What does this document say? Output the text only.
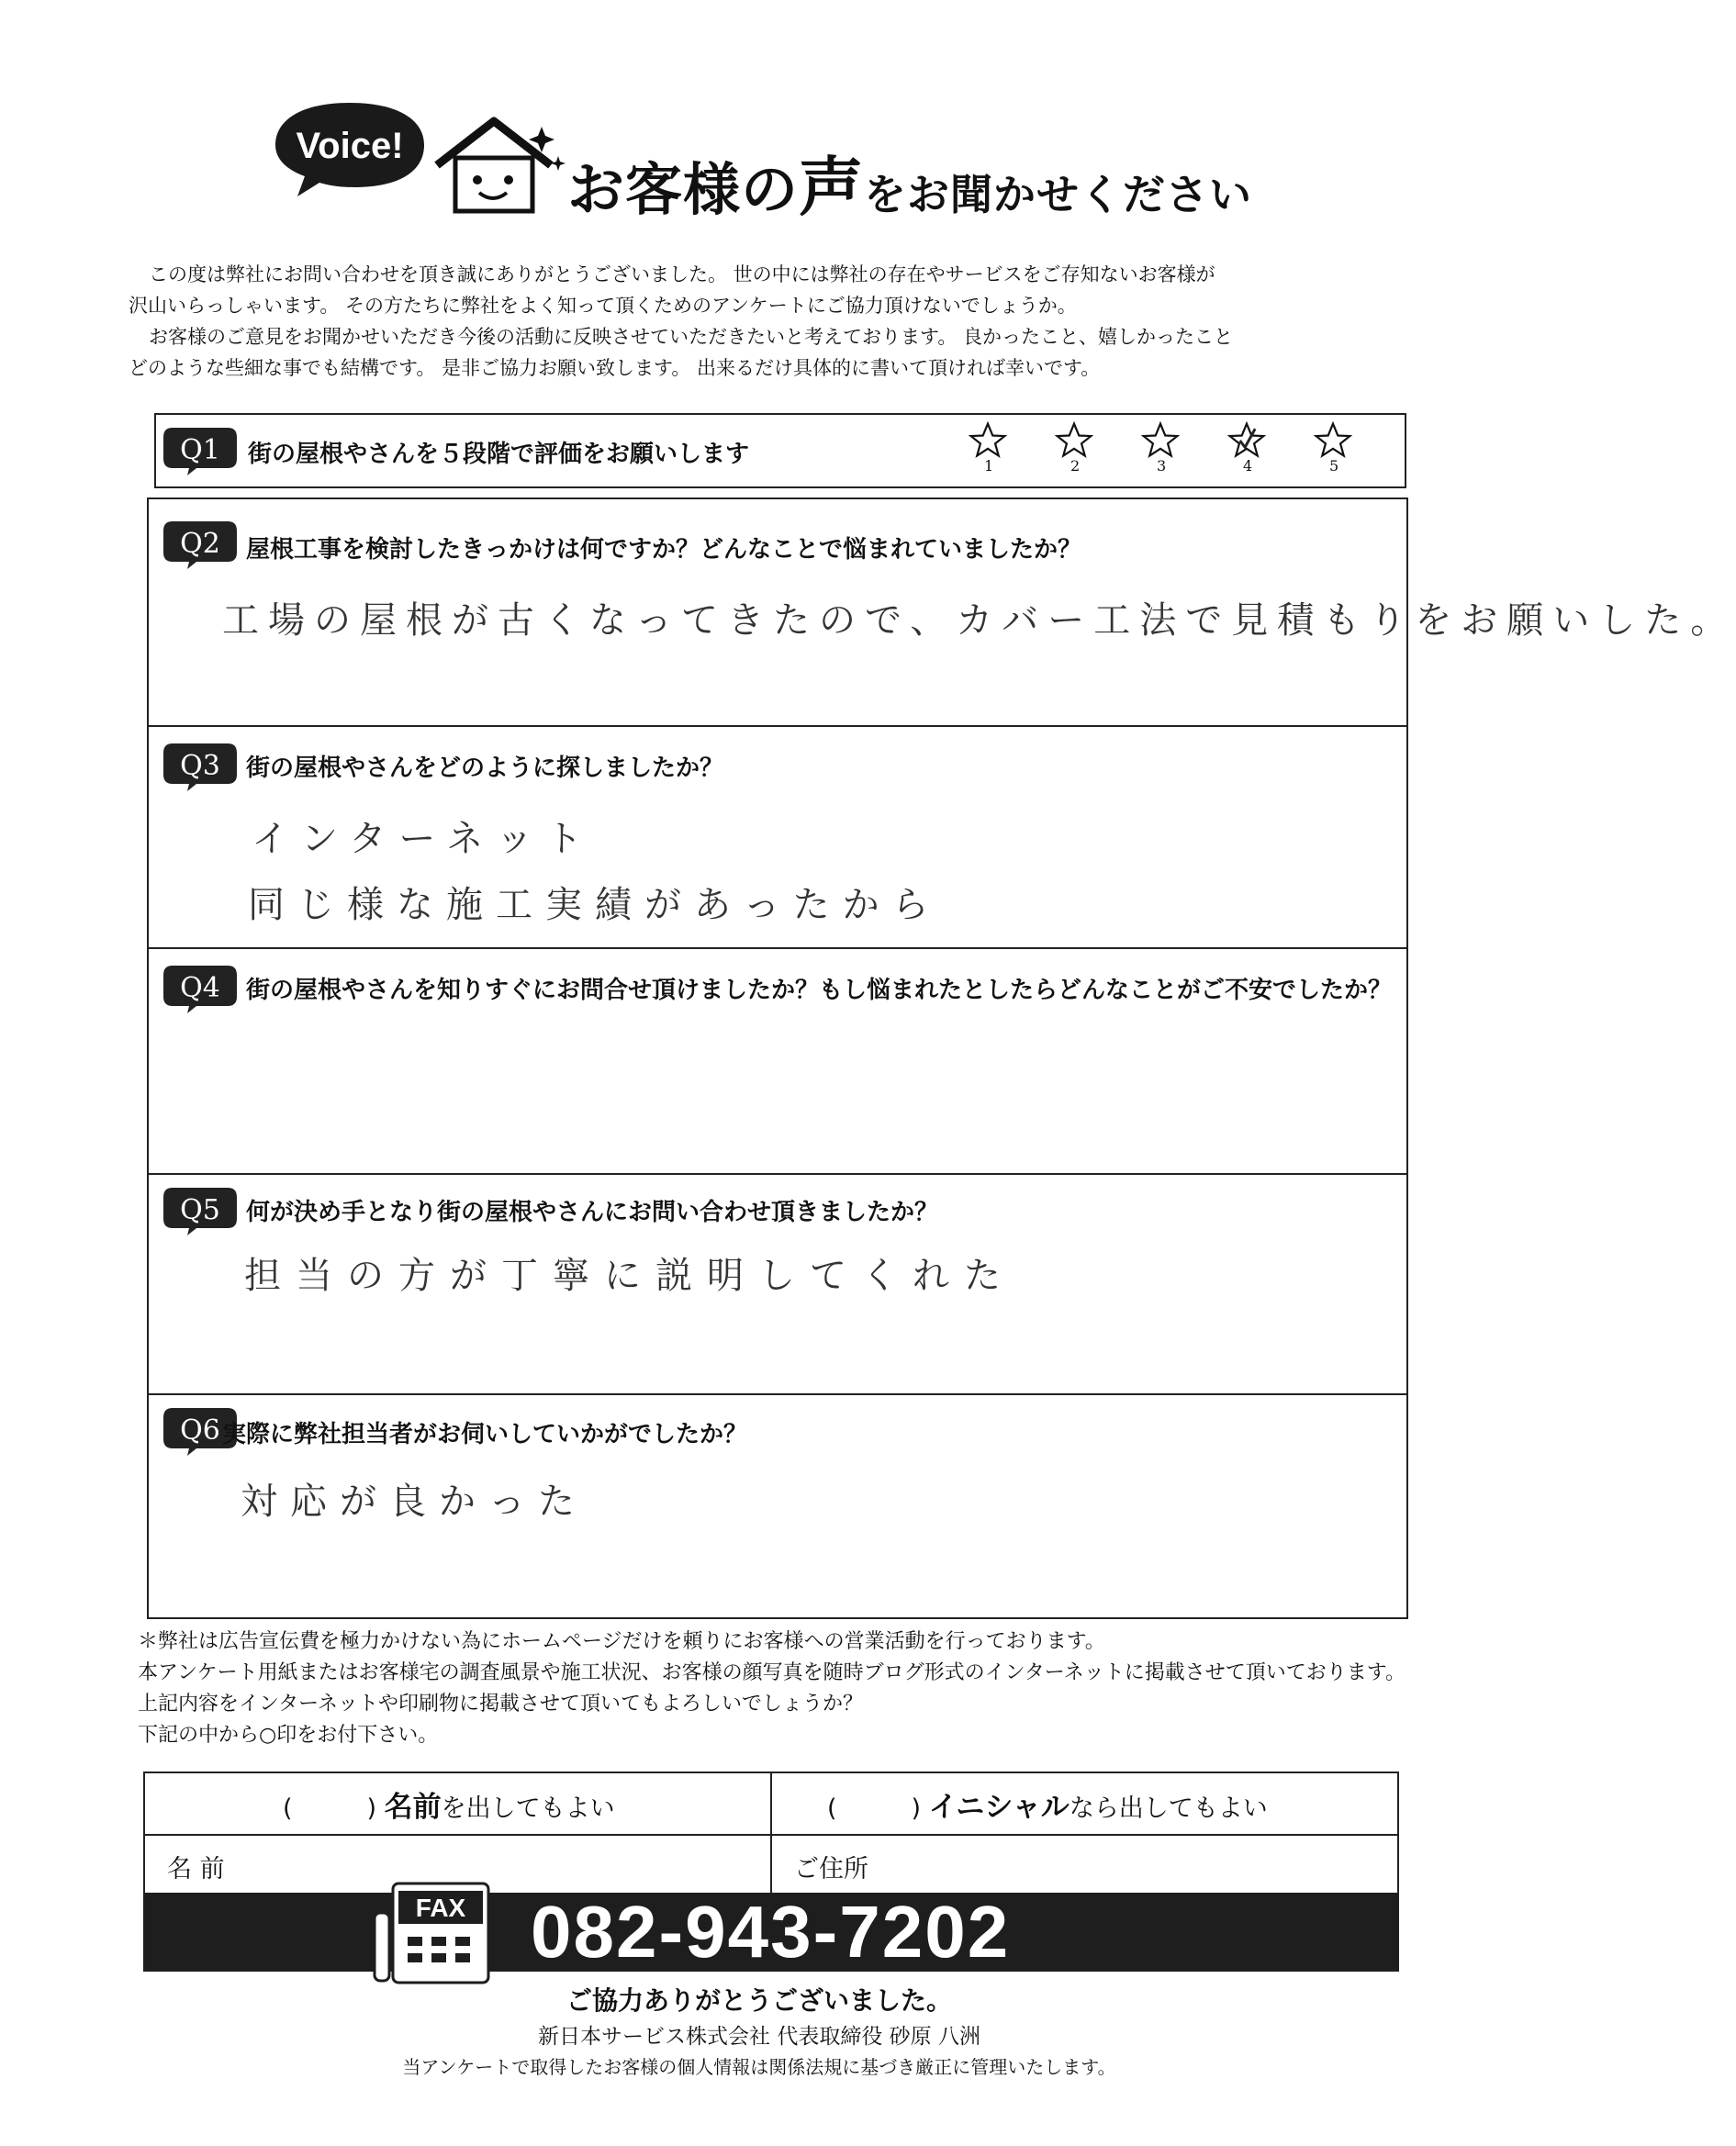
Voice!
お客様の声をお聞かせください

この度は弊社にお問い合わせを頂き誠にありがとうございました。 世の中には弊社の存在やサービスをご存知ないお客様が

沢山いらっしゃいます。 その方たちに弊社をよく知って頂くためのアンケートにご協力頂けないでしょうか。

お客様のご意見をお聞かせいただき今後の活動に反映させていただきたいと考えております。 良かったこと、嬉しかったこと

どのような些細な事でも結構です。 是非ご協力お願い致します。 出来るだけ具体的に書いて頂ければ幸いです。

Q1 街の屋根やさんを５段階で評価をお願いします	1	2	3	4	5
Q2 屋根工事を検討したきっかけは何ですか？どんなことで悩まれていましたか？
工場の屋根が古くなってきたので、カバー工法で見積もりをお願いした。
Q3 街の屋根やさんをどのように探しましたか？
インターネット
同じ様な施工実績があったから
Q4 街の屋根やさんを知りすぐにお問合せ頂けましたか？もし悩まれたとしたらどんなことがご不安でしたか？
Q5 何が決め手となり街の屋根やさんにお問い合わせ頂きましたか？
担当の方が丁寧に説明してくれた
Q6 実際に弊社担当者がお伺いしていかがでしたか？
対応が良かった

＊弊社は広告宣伝費を極力かけない為にホームページだけを頼りにお客様への営業活動を行っております。

本アンケート用紙またはお客様宅の調査風景や施工状況、お客様の顔写真を随時ブログ形式のインターネットに掲載させて頂いております。

上記内容をインターネットや印刷物に掲載させて頂いてもよろしいでしょうか？

下記の中から○印をお付下さい。

(　　　) 名前を出してもよい	(　　　) イニシャルなら出してもよい
名 前	ご住所
FAX 082-943-7202
ご協力ありがとうございました。
新日本サービス株式会社 代表取締役 砂原 八洲
当アンケートで取得したお客様の個人情報は関係法規に基づき厳正に管理いたします。
